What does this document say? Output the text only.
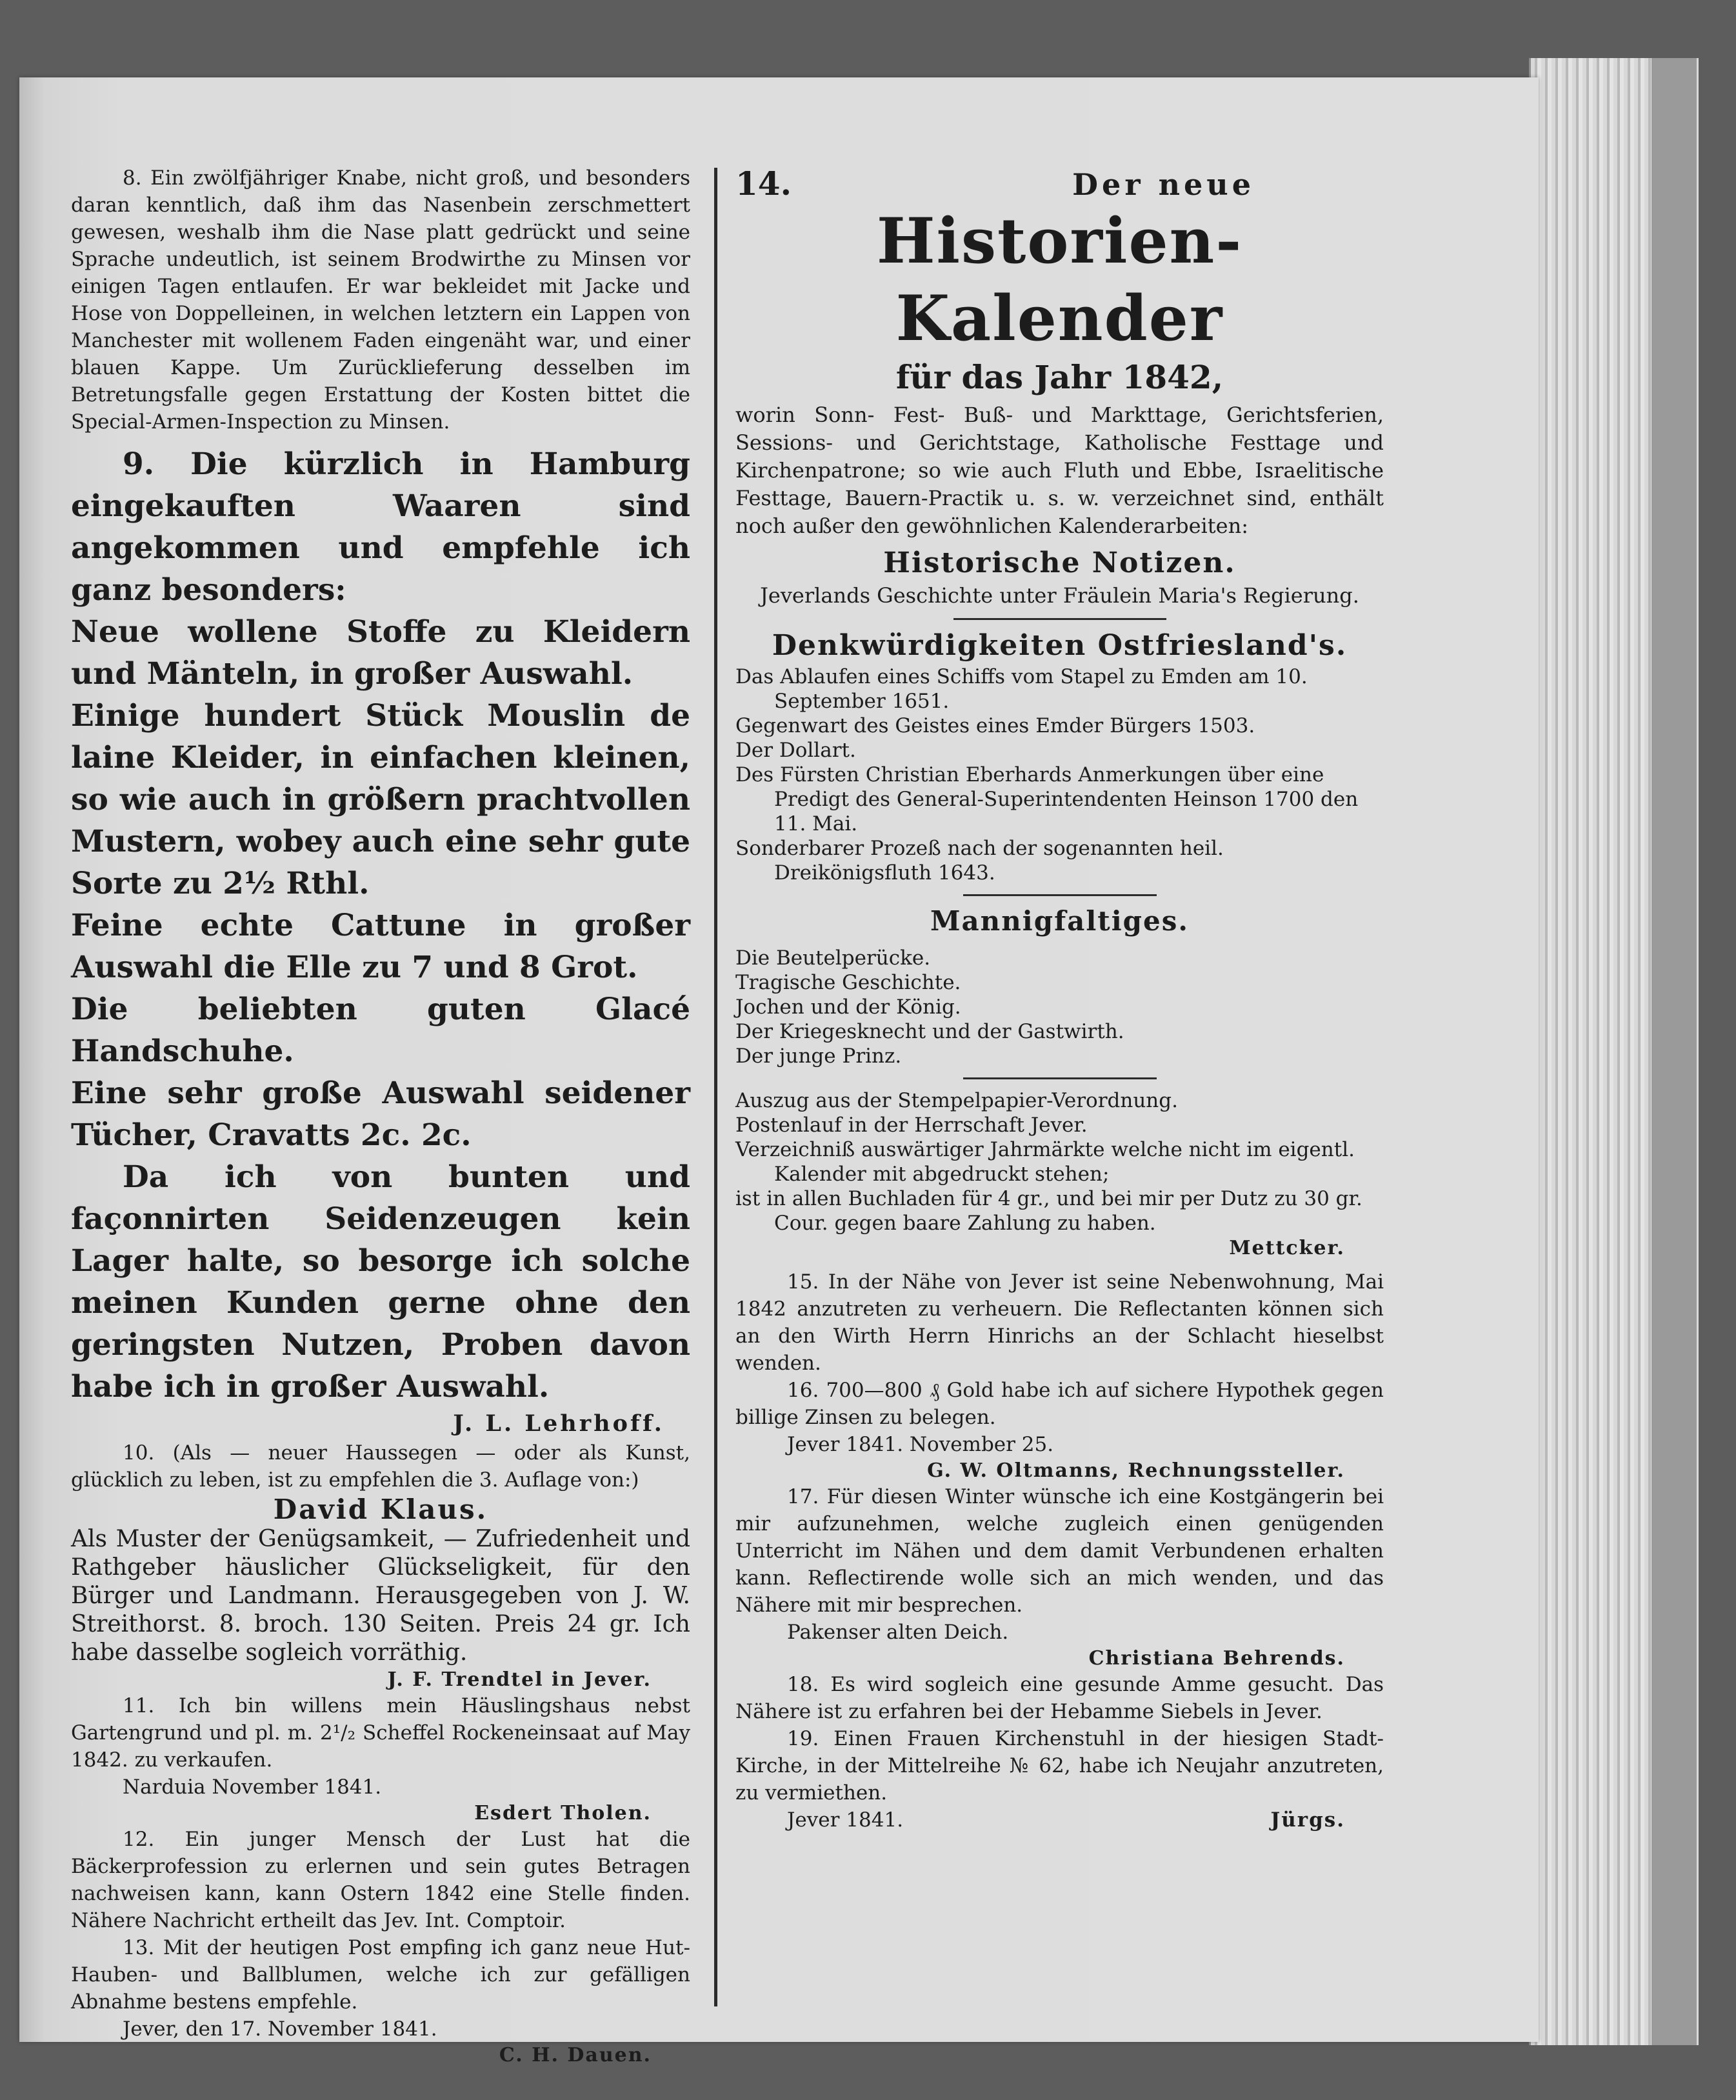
8. Ein zwölfjähriger Knabe, nicht groß, und besonders daran kenntlich, daß ihm das Nasenbein zerschmettert gewesen, weshalb ihm die Nase platt gedrückt und seine Sprache undeutlich, ist seinem Brodwirthe zu Minsen vor einigen Tagen entlaufen. Er war bekleidet mit Jacke und Hose von Doppelleinen, in welchen letztern ein Lappen von Manchester mit wollenem Faden eingenäht war, und einer blauen Kappe. Um Zurücklieferung desselben im Betretungsfalle gegen Erstattung der Kosten bittet die Special-Armen-Inspection zu Minsen.

9. Die kürzlich in Hamburg eingekauften Waaren sind angekommen und empfehle ich ganz besonders:

Neue wollene Stoffe zu Kleidern und Mänteln, in großer Auswahl.

Einige hundert Stück Mouslin de laine Kleider, in einfachen kleinen, so wie auch in größern prachtvollen Mustern, wobey auch eine sehr gute Sorte zu 2½ Rthl.

Feine echte Cattune in großer Auswahl die Elle zu 7 und 8 Grot.

Die beliebten guten Glacé Handschuhe.

Eine sehr große Auswahl seidener Tücher, Cravatts 2c. 2c.

Da ich von bunten und façonnirten Seidenzeugen kein Lager halte, so besorge ich solche meinen Kunden gerne ohne den geringsten Nutzen, Proben davon habe ich in großer Auswahl.

J. L. Lehrhoff.

10. (Als — neuer Haussegen — oder als Kunst, glücklich zu leben, ist zu empfehlen die 3. Auflage von:)

David Klaus.

Als Muster der Genügsamkeit, — Zufriedenheit und Rathgeber häuslicher Glückseligkeit, für den Bürger und Landmann. Herausgegeben von J. W. Streithorst. 8. broch. 130 Seiten. Preis 24 gr. Ich habe dasselbe sogleich vorräthig.

J. F. Trendtel in Jever.

11. Ich bin willens mein Häuslingshaus nebst Gartengrund und pl. m. 2¹/₂ Scheffel Rockeneinsaat auf May 1842. zu verkaufen.

Narduia November 1841.

Esdert Tholen.

12. Ein junger Mensch der Lust hat die Bäckerprofession zu erlernen und sein gutes Betragen nachweisen kann, kann Ostern 1842 eine Stelle finden. Nähere Nachricht ertheilt das Jev. Int. Comptoir.

13. Mit der heutigen Post empfing ich ganz neue Hut- Hauben- und Ballblumen, welche ich zur gefälligen Abnahme bestens empfehle.

Jever, den 17. November 1841.

C. H. Dauen.

14.	Der neue

Historien-Kalender

für das Jahr 1842,

worin Sonn- Fest- Buß- und Markttage, Gerichtsferien, Sessions- und Gerichtstage, Katholische Festtage und Kirchenpatrone; so wie auch Fluth und Ebbe, Israelitische Festtage, Bauern-Practik u. s. w. verzeichnet sind, enthält noch außer den gewöhnlichen Kalenderarbeiten:

Historische Notizen.

Jeverlands Geschichte unter Fräulein Maria's Regierung.

Denkwürdigkeiten Ostfriesland's.

Das Ablaufen eines Schiffs vom Stapel zu Emden am 10. September 1651.

Gegenwart des Geistes eines Emder Bürgers 1503.

Der Dollart.

Des Fürsten Christian Eberhards Anmerkungen über eine Predigt des General-Superintendenten Heinson 1700 den 11. Mai.

Sonderbarer Prozeß nach der sogenannten heil. Dreikönigsfluth 1643.

Mannigfaltiges.

Die Beutelperücke.

Tragische Geschichte.

Jochen und der König.

Der Kriegesknecht und der Gastwirth.

Der junge Prinz.

Auszug aus der Stempelpapier-Verordnung.

Postenlauf in der Herrschaft Jever.

Verzeichniß auswärtiger Jahrmärkte welche nicht im eigentl. Kalender mit abgedruckt stehen;

ist in allen Buchladen für 4 gr., und bei mir per Dutz zu 30 gr. Cour. gegen baare Zahlung zu haben.

Mettcker.

15. In der Nähe von Jever ist seine Nebenwohnung, Mai 1842 anzutreten zu verheuern. Die Reflectanten können sich an den Wirth Herrn Hinrichs an der Schlacht hieselbst wenden.

16. 700—800 ₰ Gold habe ich auf sichere Hypothek gegen billige Zinsen zu belegen.

Jever 1841. November 25.

G. W. Oltmanns, Rechnungssteller.

17. Für diesen Winter wünsche ich eine Kostgängerin bei mir aufzunehmen, welche zugleich einen genügenden Unterricht im Nähen und dem damit Verbundenen erhalten kann. Reflectirende wolle sich an mich wenden, und das Nähere mit mir besprechen.

Pakenser alten Deich.

Christiana Behrends.

18. Es wird sogleich eine gesunde Amme gesucht. Das Nähere ist zu erfahren bei der Hebamme Siebels in Jever.

19. Einen Frauen Kirchenstuhl in der hiesigen Stadt-Kirche, in der Mittelreihe № 62, habe ich Neujahr anzutreten, zu vermiethen.

Jever 1841.	Jürgs.
